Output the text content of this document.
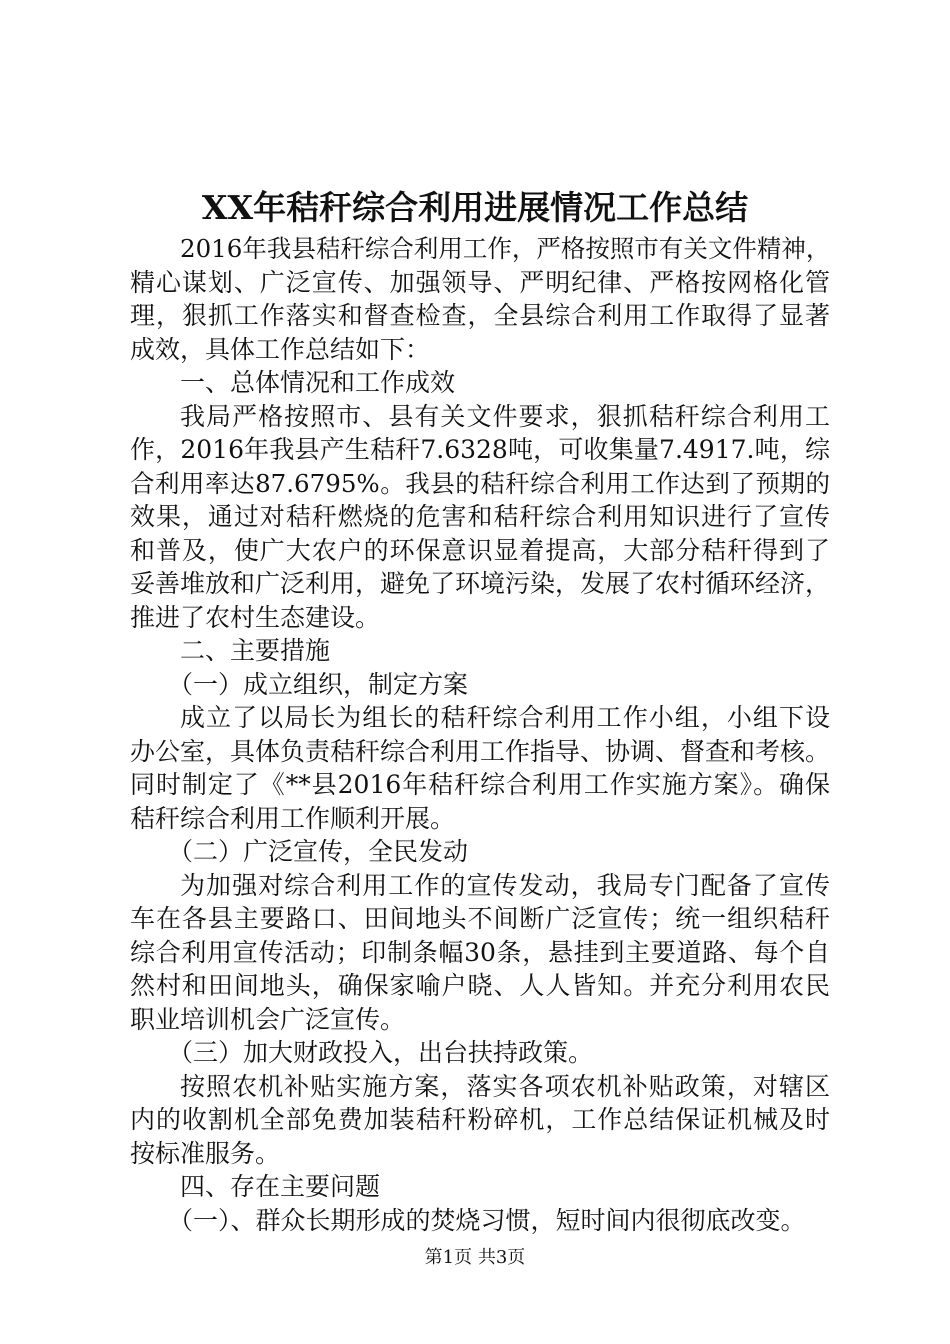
XX年秸秆综合利用进展情况工作总结
2016年我县秸秆综合利用工作，严格按照市有关文件精神，
精心谋划、广泛宣传、加强领导、严明纪律、严格按网格化管
理，狠抓工作落实和督查检查，全县综合利用工作取得了显著
成效，具体工作总结如下：
一、总体情况和工作成效
我局严格按照市、县有关文件要求，狠抓秸秆综合利用工
作，2016年我县产生秸秆7.6328吨，可收集量7.4917.吨，综
合利用率达87.6795%。我县的秸秆综合利用工作达到了预期的
效果，通过对秸秆燃烧的危害和秸秆综合利用知识进行了宣传
和普及，使广大农户的环保意识显着提高，大部分秸秆得到了
妥善堆放和广泛利用，避免了环境污染，发展了农村循环经济，
推进了农村生态建设。
二、主要措施
（一）成立组织，制定方案
成立了以局长为组长的秸秆综合利用工作小组，小组下设
办公室，具体负责秸秆综合利用工作指导、协调、督查和考核。
同时制定了《**县2016年秸秆综合利用工作实施方案》。确保
秸秆综合利用工作顺利开展。
（二）广泛宣传，全民发动
为加强对综合利用工作的宣传发动，我局专门配备了宣传
车在各县主要路口、田间地头不间断广泛宣传；统一组织秸秆
综合利用宣传活动；印制条幅30条，悬挂到主要道路、每个自
然村和田间地头，确保家喻户晓、人人皆知。并充分利用农民
职业培训机会广泛宣传。
（三）加大财政投入，出台扶持政策。
按照农机补贴实施方案，落实各项农机补贴政策，对辖区
内的收割机全部免费加装秸秆粉碎机，工作总结保证机械及时
按标准服务。
四、存在主要问题
（一）、群众长期形成的焚烧习惯，短时间内很彻底改变。
第1页 共3页
